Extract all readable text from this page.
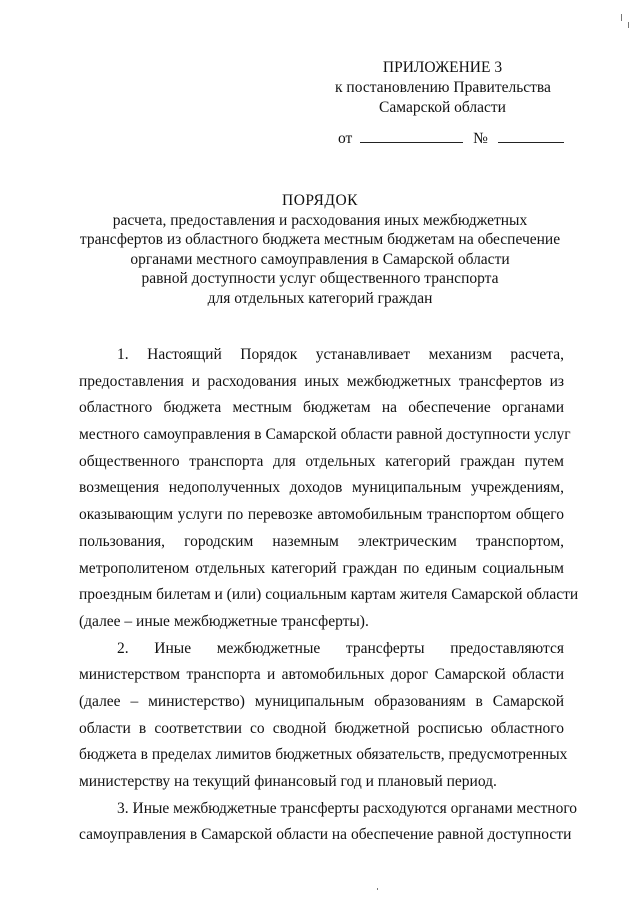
ПРИЛОЖЕНИЕ 3
к постановлению Правительства
Самарской области
от	№
ПОРЯДОК
расчета, предоставления и расходования иных межбюджетных
трансфертов из областного бюджета местным бюджетам на обеспечение
органами местного самоуправления в Самарской области
равной доступности услуг общественного транспорта
для отдельных категорий граждан
1. Настоящий Порядок устанавливает механизм расчета,
предоставления и расходования иных межбюджетных трансфертов из
областного бюджета местным бюджетам на обеспечение органами
местного самоуправления в Самарской области равной доступности услуг
общественного транспорта для отдельных категорий граждан путем
возмещения недополученных доходов муниципальным учреждениям,
оказывающим услуги по перевозке автомобильным транспортом общего
пользования, городским наземным электрическим транспортом,
метрополитеном отдельных категорий граждан по единым социальным
проездным билетам и (или) социальным картам жителя Самарской области
(далее – иные межбюджетные трансферты).
2. Иные межбюджетные трансферты предоставляются
министерством транспорта и автомобильных дорог Самарской области
(далее – министерство) муниципальным образованиям в Самарской
области в соответствии со сводной бюджетной росписью областного
бюджета в пределах лимитов бюджетных обязательств, предусмотренных
министерству на текущий финансовый год и плановый период.
3. Иные межбюджетные трансферты расходуются органами местного
самоуправления в Самарской области на обеспечение равной доступности
